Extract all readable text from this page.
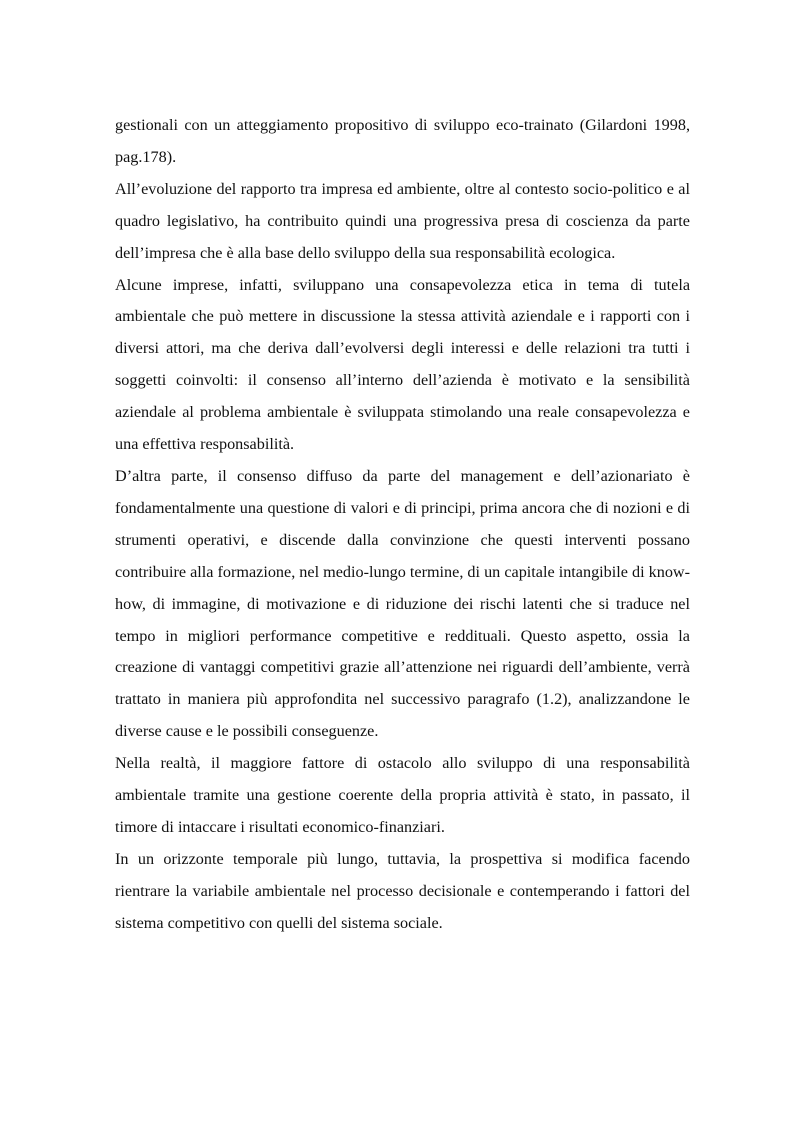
gestionali con un atteggiamento propositivo di sviluppo eco-trainato (Gilardoni 1998, pag.178).

All’evoluzione del rapporto tra impresa ed ambiente, oltre al contesto socio-politico e al quadro legislativo, ha contribuito quindi una progressiva presa di coscienza da parte dell’impresa che è alla base dello sviluppo della sua responsabilità ecologica.

Alcune imprese, infatti, sviluppano una consapevolezza etica in tema di tutela ambientale che può mettere in discussione la stessa attività aziendale e i rapporti con i diversi attori, ma che deriva dall’evolversi degli interessi e delle relazioni tra tutti i soggetti coinvolti: il consenso all’interno dell’azienda è motivato e la sensibilità aziendale al problema ambientale è sviluppata stimolando una reale consapevolezza e una effettiva responsabilità.

D’altra parte, il consenso diffuso da parte del management e dell’azionariato è fondamentalmente una questione di valori e di principi, prima ancora che di nozioni e di strumenti operativi, e discende dalla convinzione che questi interventi possano contribuire alla formazione, nel medio-lungo termine, di un capitale intangibile di know-how, di immagine, di motivazione e di riduzione dei rischi latenti che si traduce nel tempo in migliori performance competitive e reddituali. Questo aspetto, ossia la creazione di vantaggi competitivi grazie all’attenzione nei riguardi dell’ambiente, verrà trattato in maniera più approfondita nel successivo paragrafo (1.2), analizzandone le diverse cause e le possibili conseguenze.

Nella realtà, il maggiore fattore di ostacolo allo sviluppo di una responsabilità ambientale tramite una gestione coerente della propria attività è stato, in passato, il timore di intaccare i risultati economico-finanziari.

In un orizzonte temporale più lungo, tuttavia, la prospettiva si modifica facendo rientrare la variabile ambientale nel processo decisionale e contemperando i fattori del sistema competitivo con quelli del sistema sociale.
